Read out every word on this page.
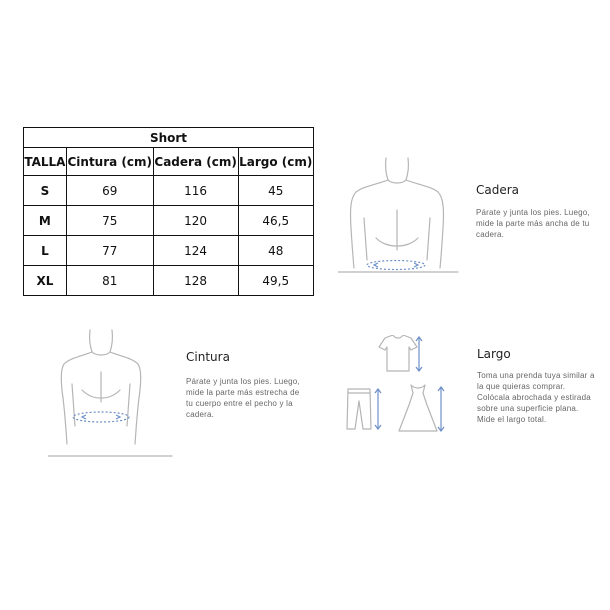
Short			
TALLA	Cintura (cm)	Cadera (cm)	Largo (cm)
S	69	116	45
M	75	120	46,5
L	77	124	48
XL	81	128	49,5
Cadera
Párate y junta los pies. Luego,
mide la parte más ancha de tu
cadera.
Cintura
Párate y junta los pies. Luego,
mide la parte más estrecha de
tu cuerpo entre el pecho y la
cadera.
Largo
Toma una prenda tuya similar a
la que quieras comprar.
Colócala abrochada y estirada
sobre una superficie plana.
Mide el largo total.
